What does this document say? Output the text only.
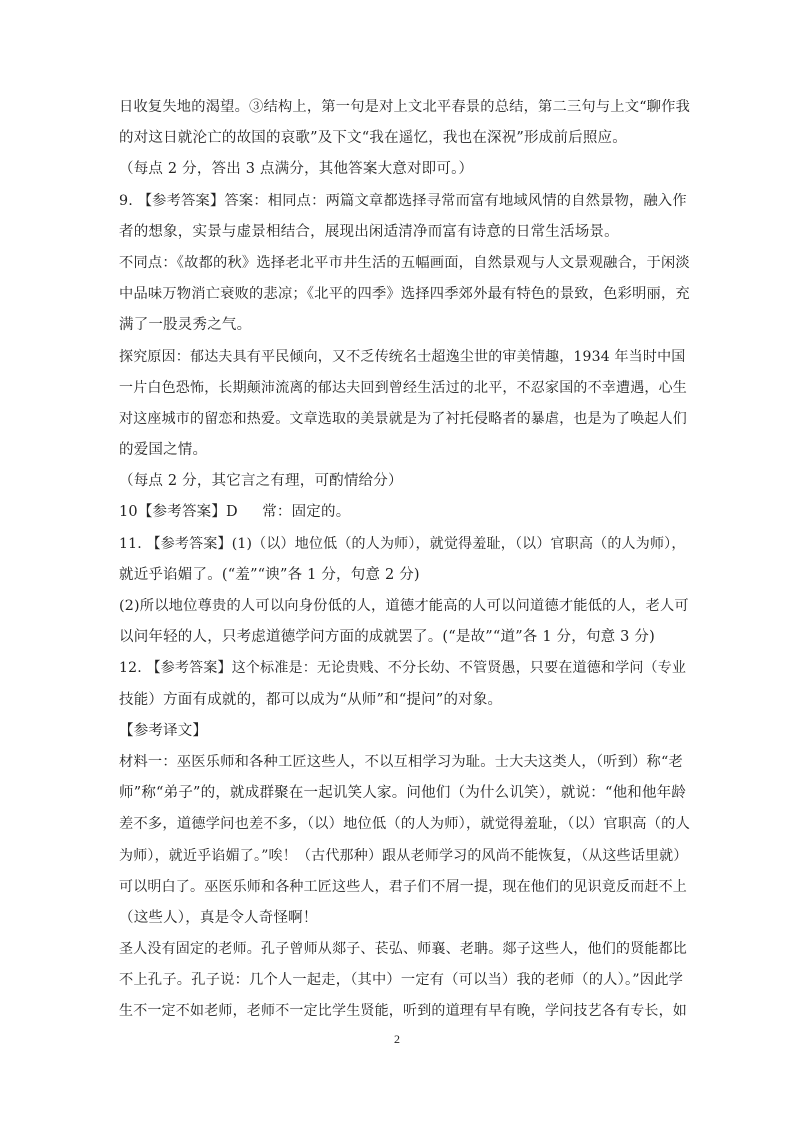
日收复失地的渴望。③结构上，第一句是对上文北平春景的总结，第二三句与上文“聊作我
的对这日就沦亡的故国的哀歌”及下文“我在遥忆，我也在深祝”形成前后照应。
（每点 2 分，答出 3 点满分，其他答案大意对即可。）
9. 【参考答案】答案：相同点：两篇文章都选择寻常而富有地域风情的自然景物，融入作
者的想象，实景与虚景相结合，展现出闲适清净而富有诗意的日常生活场景。
不同点：《故都的秋》选择老北平市井生活的五幅画面，自然景观与人文景观融合，于闲淡
中品味万物消亡衰败的悲凉；《北平的四季》选择四季郊外最有特色的景致，色彩明丽，充
满了一股灵秀之气。
探究原因：郁达夫具有平民倾向，又不乏传统名士超逸尘世的审美情趣，1934 年当时中国
一片白色恐怖，长期颠沛流离的郁达夫回到曾经生活过的北平，不忍家国的不幸遭遇，心生
对这座城市的留恋和热爱。文章选取的美景就是为了衬托侵略者的暴虐，也是为了唤起人们
的爱国之情。
（每点 2 分，其它言之有理，可酌情给分）
10【参考答案】D 　 常：固定的。
11. 【参考答案】(1)（以）地位低（的人为师），就觉得羞耻，（以）官职高（的人为师），
就近乎谄媚了。(“羞”“谀”各 1 分，句意 2 分)
(2)所以地位尊贵的人可以向身份低的人，道德才能高的人可以问道德才能低的人，老人可
以问年轻的人，只考虑道德学问方面的成就罢了。(“是故”“道”各 1 分，句意 3 分)
12. 【参考答案】这个标准是：无论贵贱、不分长幼、不管贤愚，只要在道德和学问（专业
技能）方面有成就的，都可以成为“从师”和“提问”的对象。
【参考译文】
材料一：巫医乐师和各种工匠这些人，不以互相学习为耻。士大夫这类人，（听到）称“老
师”称“弟子”的，就成群聚在一起讥笑人家。问他们（为什么讥笑），就说：“他和他年龄
差不多，道德学问也差不多，（以）地位低（的人为师），就觉得羞耻，（以）官职高（的人
为师），就近乎谄媚了。”唉！（古代那种）跟从老师学习的风尚不能恢复，（从这些话里就）
可以明白了。巫医乐师和各种工匠这些人，君子们不屑一提，现在他们的见识竟反而赶不上
（这些人），真是令人奇怪啊！
圣人没有固定的老师。孔子曾师从郯子、苌弘、师襄、老聃。郯子这些人，他们的贤能都比
不上孔子。孔子说：几个人一起走，（其中）一定有（可以当）我的老师（的人）。”因此学
生不一定不如老师，老师不一定比学生贤能，听到的道理有早有晚，学问技艺各有专长，如
2
